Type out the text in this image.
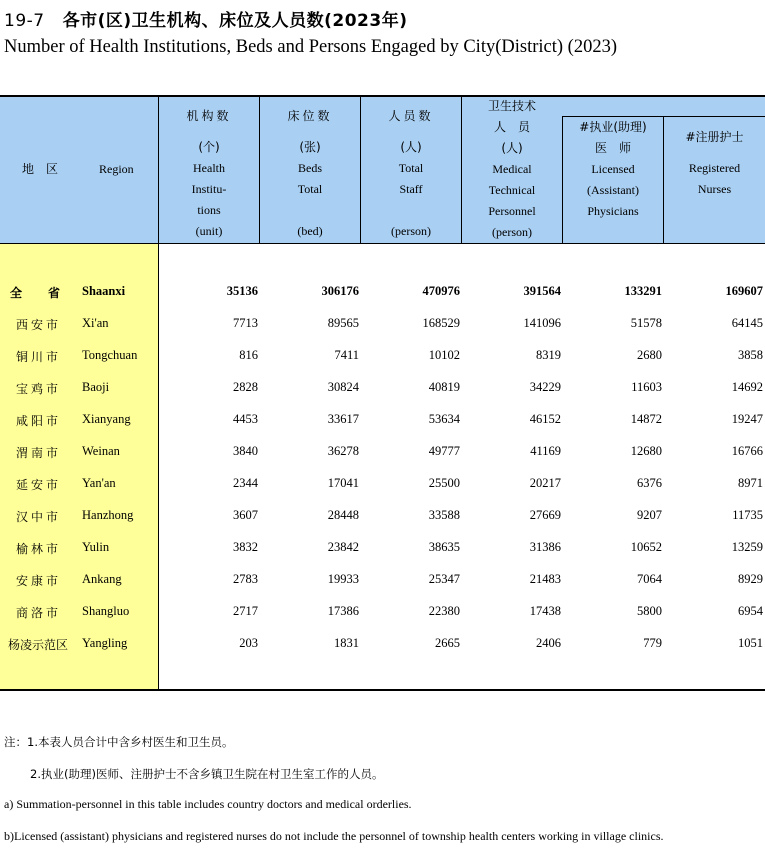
19-7 各市(区)卫生机构、床位及人员数(2023年)
Number of Health Institutions, Beds and Persons Engaged by City(District) (2023)
地　区	Region
机构数
(个)
Health
Institu-
tions
(unit)
床位数
(张)
Beds
Total
(bed)
人员数
(人)
Total
Staff
(person)
卫生技术
人　员
(人)
Medical
Technical
Personnel
(person)
#执业(助理)
医　师
Licensed
(Assistant)
Physicians
#注册护士
Registered
Nurses
全省
Shaanxi	35136	306176	470976	391564	133291	169607
西安市 Xi'an	7713	89565	168529	141096	51578	64145
铜川市 Tongchuan	816	7411	10102	8319	2680	3858
宝鸡市 Baoji	2828	30824	40819	34229	11603	14692
咸阳市 Xianyang	4453	33617	53634	46152	14872	19247
渭南市 Weinan	3840	36278	49777	41169	12680	16766
延安市 Yan'an	2344	17041	25500	20217	6376	8971
汉中市 Hanzhong	3607	28448	33588	27669	9207	11735
榆林市 Yulin	3832	23842	38635	31386	10652	13259
安康市 Ankang	2783	19933	25347	21483	7064	8929
商洛市 Shangluo	2717	17386	22380	17438	5800	6954
杨凌示范区 Yangling	203	1831	2665	2406	779	1051
注：1.本表人员合计中含乡村医生和卫生员。
2.执业(助理)医师、注册护士不含乡镇卫生院在村卫生室工作的人员。
a) Summation-personnel in this table includes country doctors and medical orderlies.
b)Licensed (assistant) physicians and registered nurses do not include the personnel of township health centers working in village clinics.
